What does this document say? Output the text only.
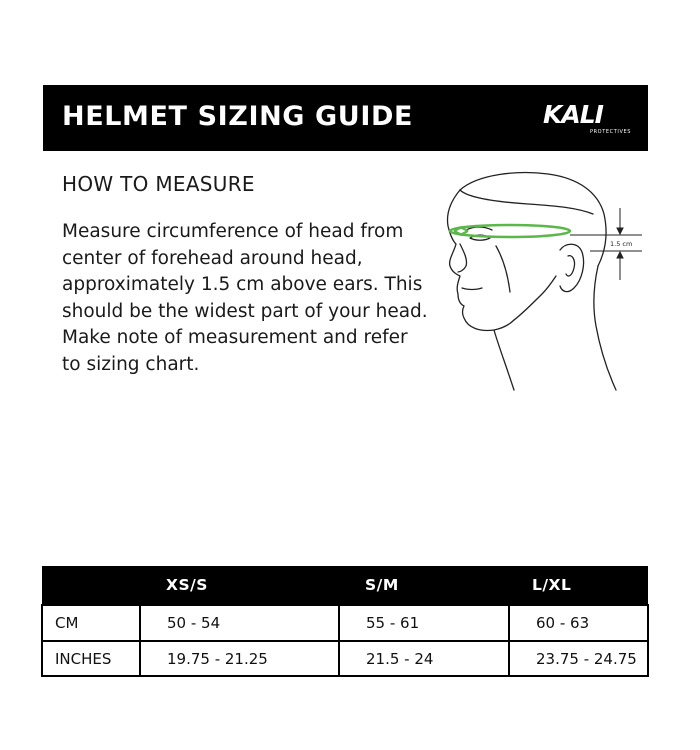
HELMET SIZING GUIDE	KALI
PROTECTIVES
HOW TO MEASURE

Measure circumference of head from center of forehead around head, approximately 1.5 cm above ears. This should be the widest part of your head. Make note of measurement and refer to sizing chart.

1.5 cm
	XS/S	S/M	L/XL
CM	50 - 54	55 - 61	60 - 63
INCHES	19.75 - 21.25	21.5 - 24	23.75 - 24.75
